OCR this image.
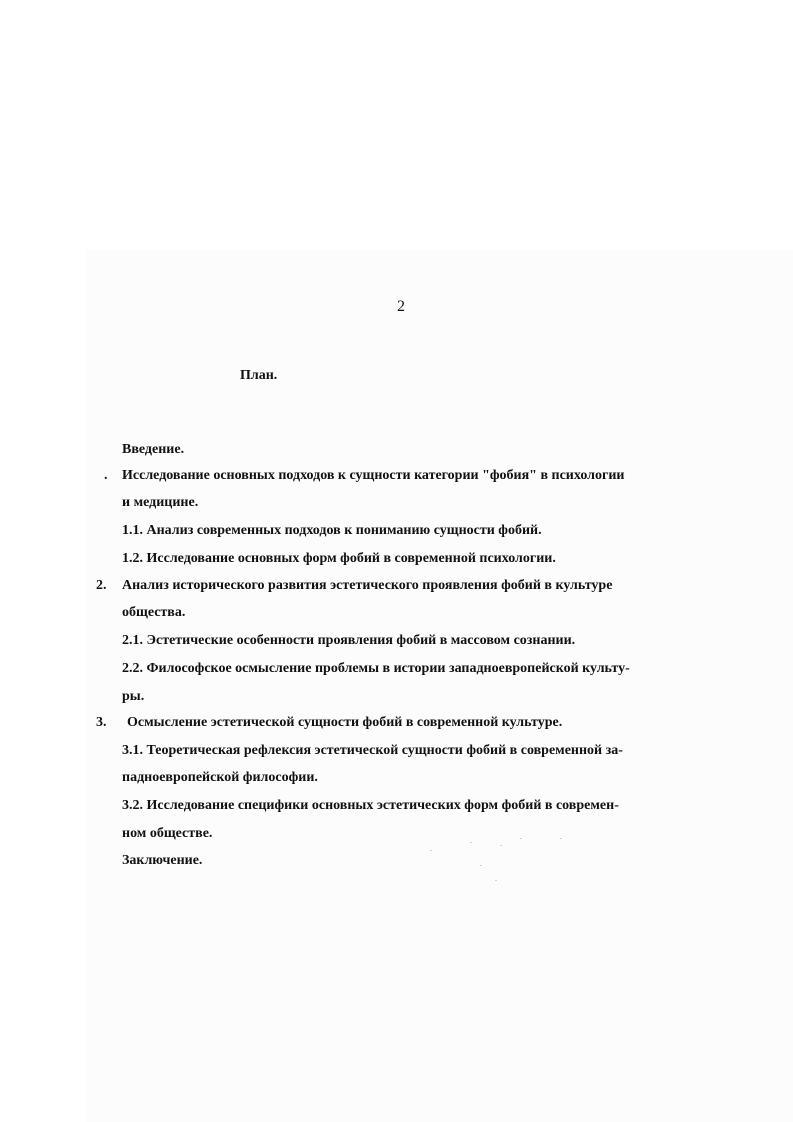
2
План.
Введение.
. Исследование основных подходов к сущности категории "фобия" в психологии
и медицине.
1.1. Анализ современных подходов к пониманию сущности фобий.
1.2. Исследование основных форм фобий в современной психологии.
2. Анализ исторического развития эстетического проявления фобий в культуре
общества.
2.1. Эстетические особенности проявления фобий в массовом сознании.
2.2. Философское осмысление проблемы в истории западноевропейской культу-
ры.
3. Осмысление эстетической сущности фобий в современной культуре.
3.1. Теоретическая рефлексия эстетической сущности фобий в современной за-
падноевропейской философии.
3.2. Исследование специфики основных эстетических форм фобий в современ-
ном обществе.
Заключение.
